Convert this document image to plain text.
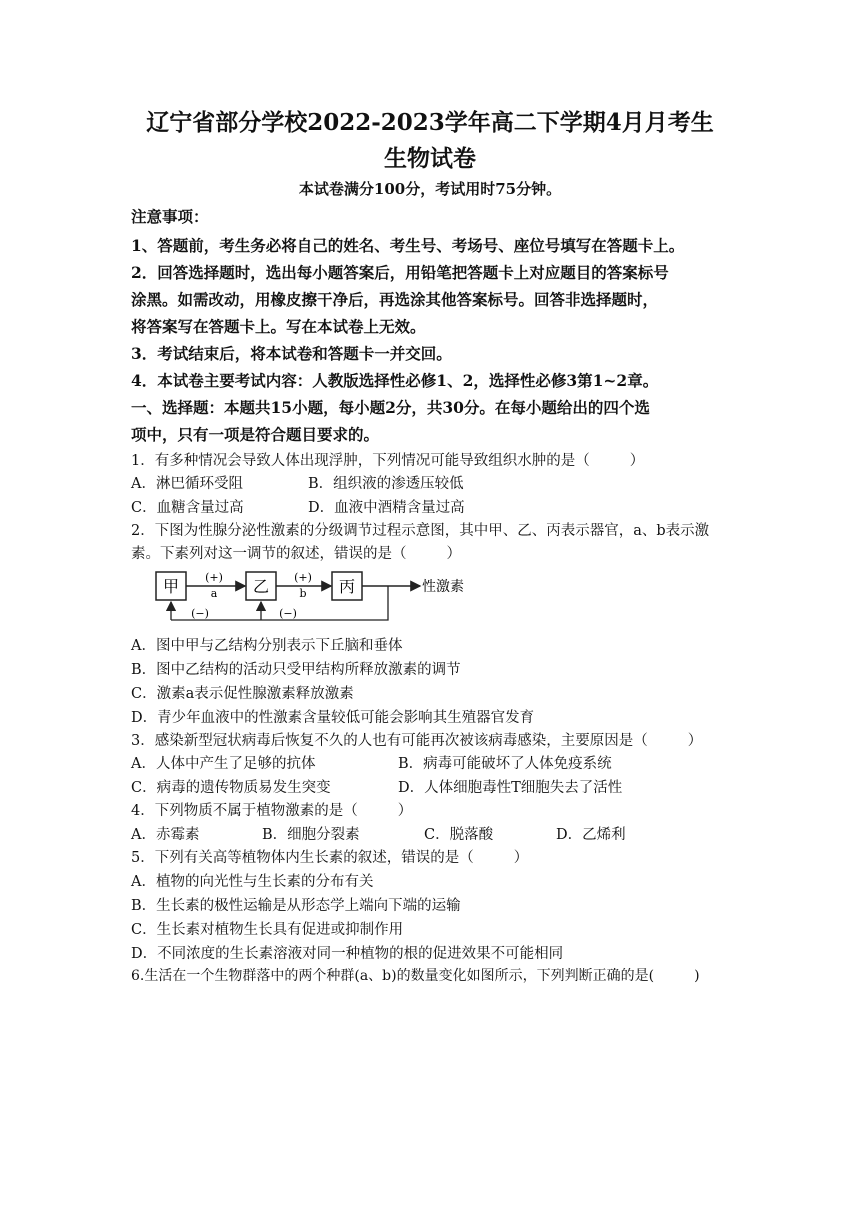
辽宁省部分学校2022-2023学年高二下学期4月月考生
生物试卷
本试卷满分100分，考试用时75分钟。
注意事项：
1、答题前，考生务必将自己的姓名、考生号、考场号、座位号填写在答题卡上。
2．回答选择题时，选出每小题答案后，用铅笔把答题卡上对应题目的答案标号
涂黑。如需改动，用橡皮擦干净后，再选涂其他答案标号。回答非选择题时，
将答案写在答题卡上。写在本试卷上无效。
3．考试结束后，将本试卷和答题卡一并交回。
4．本试卷主要考试内容：人教版选择性必修1、2，选择性必修3第1~2章。
一、选择题：本题共15小题，每小题2分，共30分。在每小题给出的四个选
项中，只有一项是符合题目要求的。
1．有多种情况会导致人体出现浮肿，下列情况可能导致组织水肿的是（	）
A．淋巴循环受阻	B．组织液的渗透压较低
C．血糖含量过高	D．血液中酒精含量过高
2．下图为性腺分泌性激素的分级调节过程示意图，其中甲、乙、丙表示器官，a、b表示激
素。下素列对这一调节的叙述，错误的是（	）
甲	乙	丙
(+)
a
(+)
b	性激素
(−)	(−)
A．图中甲与乙结构分别表示下丘脑和垂体
B．图中乙结构的活动只受甲结构所释放激素的调节
C．激素a表示促性腺激素释放激素
D．青少年血液中的性激素含量较低可能会影响其生殖器官发育
3．感染新型冠状病毒后恢复不久的人也有可能再次被该病毒感染，主要原因是（	）
A．人体中产生了足够的抗体	B．病毒可能破坏了人体免疫系统
C．病毒的遗传物质易发生突变	D．人体细胞毒性T细胞失去了活性
4．下列物质不属于植物激素的是（	）
A．赤霉素	B．细胞分裂素	C．脱落酸	D．乙烯利
5．下列有关高等植物体内生长素的叙述，错误的是（	）
A．植物的向光性与生长素的分布有关
B．生长素的极性运输是从形态学上端向下端的运输
C．生长素对植物生长具有促进或抑制作用
D．不同浓度的生长素溶液对同一种植物的根的促进效果不可能相同
6.生活在一个生物群落中的两个种群(a、b)的数量变化如图所示，下列判断正确的是(	)
